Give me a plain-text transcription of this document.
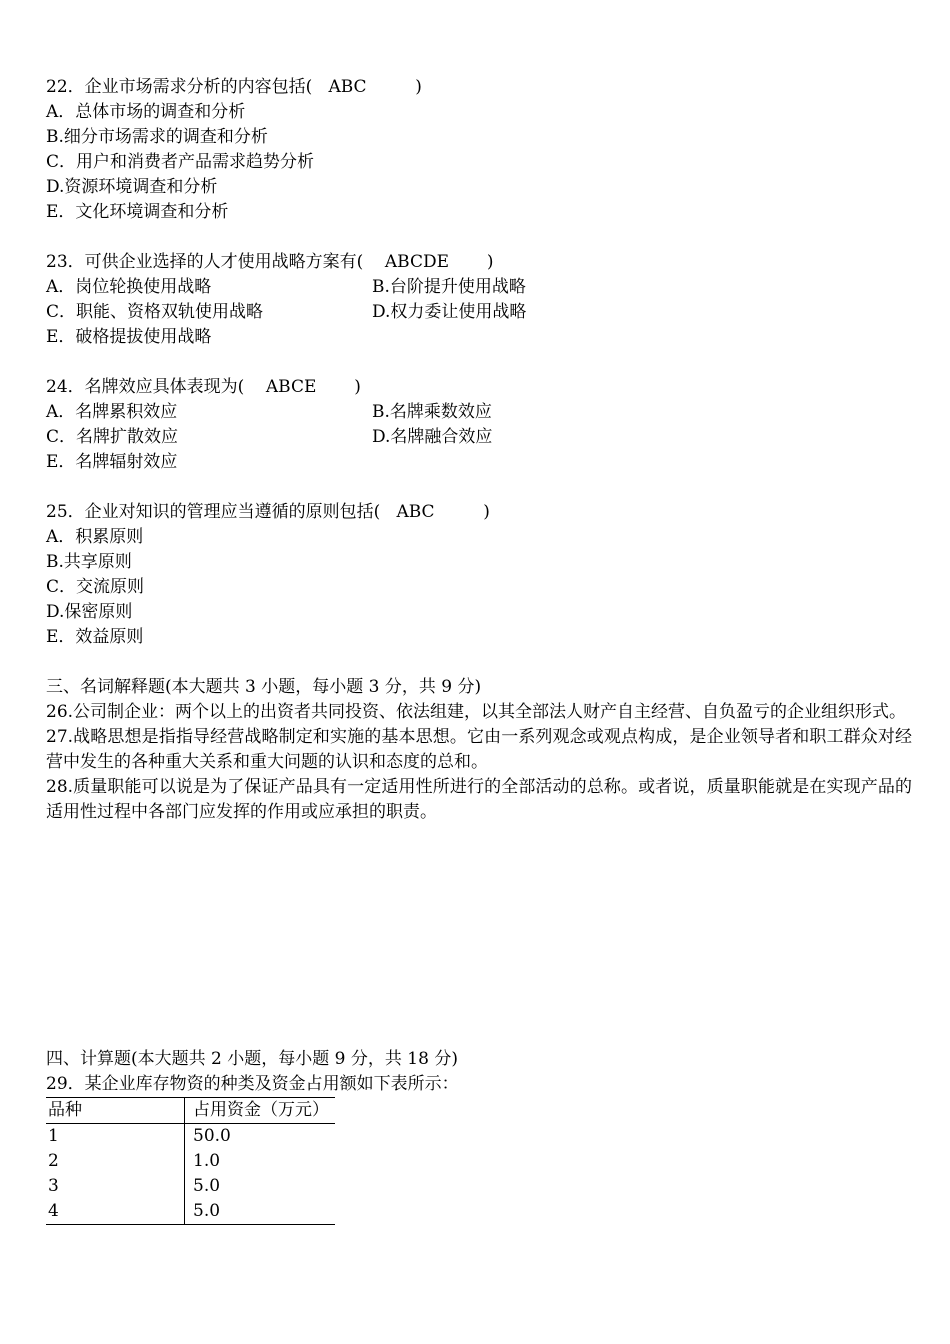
22．企业市场需求分析的内容包括(   ABC         )
A．总体市场的调查和分析
B.细分市场需求的调查和分析
C．用户和消费者产品需求趋势分析
D.资源环境调查和分析
E．文化环境调查和分析
23．可供企业选择的人才使用战略方案有(    ABCDE       )
A．岗位轮换使用战略	B.台阶提升使用战略
C．职能、资格双轨使用战略	D.权力委让使用战略
E．破格提拔使用战略
24．名牌效应具体表现为(    ABCE       )
A．名牌累积效应	B.名牌乘数效应
C．名牌扩散效应	D.名牌融合效应
E．名牌辐射效应
25．企业对知识的管理应当遵循的原则包括(   ABC         )
A．积累原则
B.共享原则
C．交流原则
D.保密原则
E．效益原则
三、名词解释题(本大题共 3 小题，每小题 3 分，共 9 分)
26.公司制企业：两个以上的出资者共同投资、依法组建，以其全部法人财产自主经营、自负盈亏的企业组织形式。
27.战略思想是指指导经营战略制定和实施的基本思想。它由一系列观念或观点构成，是企业领导者和职工群众对经营中发生的各种重大关系和重大问题的认识和态度的总和。
28.质量职能可以说是为了保证产品具有一定适用性所进行的全部活动的总称。或者说，质量职能就是在实现产品的适用性过程中各部门应发挥的作用或应承担的职责。
四、计算题(本大题共 2 小题，每小题 9 分，共 18 分)
29．某企业库存物资的种类及资金占用额如下表所示：
品种	占用资金（万元）
1	50.0
2	1.0
3	5.0
4	5.0
